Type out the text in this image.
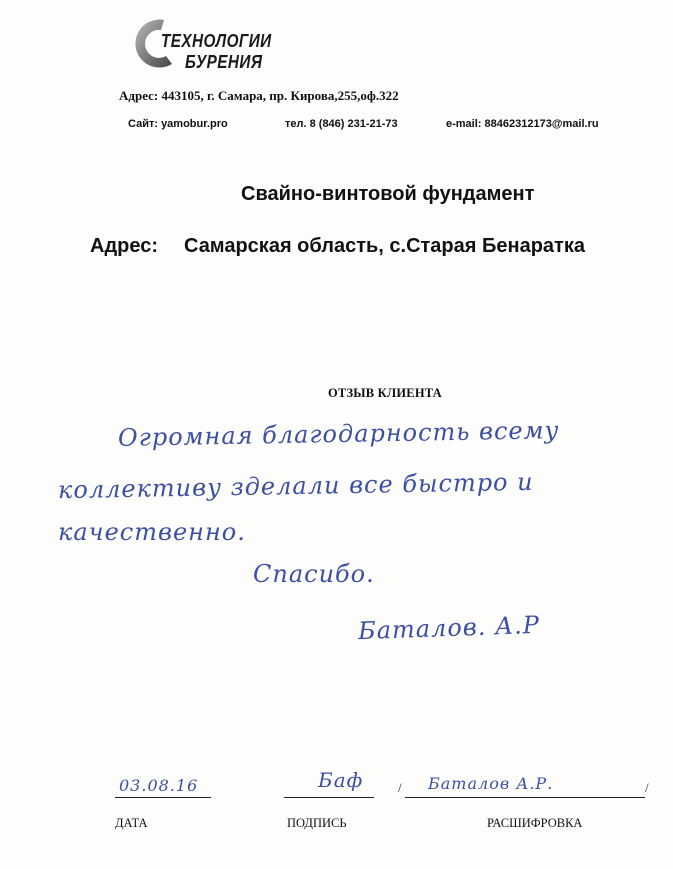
ТЕХНОЛОГИИ
БУРЕНИЯ
Адрес: 443105, г. Самара, пр. Кирова,255,оф.322
Сайт: yamobur.pro	тел. 8 (846) 231-21-73	e-mail: 88462312173@mail.ru
Свайно-винтовой фундамент
Адрес: Самарская область, с.Старая Бенаратка
ОТЗЫВ КЛИЕНТА
Огромная благодарность всему
коллективу зделали все быстро и
качественно.
Спасибо.
Баталов. А.Р
03.08.16	Баф	/ Баталов А.Р.	/
ДАТА	ПОДПИСЬ	РАСШИФРОВКА
